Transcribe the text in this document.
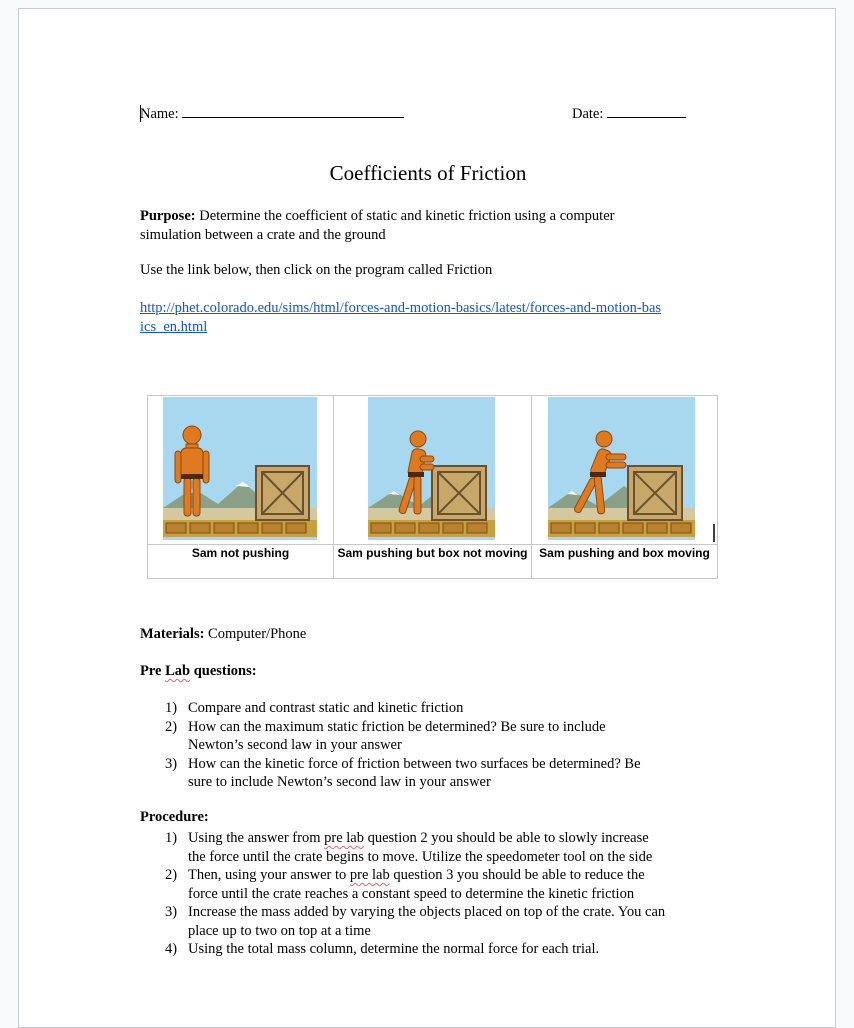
Name:	Date:
Coefficients of Friction
Purpose: Determine the coefficient of static and kinetic friction using a computer
simulation between a crate and the ground
Use the link below, then click on the program called Friction
http://phet.colorado.edu/sims/html/forces-and-motion-basics/latest/forces-and-motion-bas
ics_en.html

Sam not pushing	Sam pushing but box not moving	Sam pushing and box moving
Materials: Computer/Phone
Pre Lab questions:
1) Compare and contrast static and kinetic friction
2) How can the maximum static friction be determined? Be sure to include
Newton’s second law in your answer
3) How can the kinetic force of friction between two surfaces be determined? Be
sure to include Newton’s second law in your answer
Procedure:
1) Using the answer from pre lab question 2 you should be able to slowly increase
the force until the crate begins to move. Utilize the speedometer tool on the side
2) Then, using your answer to pre lab question 3 you should be able to reduce the
force until the crate reaches a constant speed to determine the kinetic friction
3) Increase the mass added by varying the objects placed on top of the crate. You can
place up to two on top at a time
4) Using the total mass column, determine the normal force for each trial.
